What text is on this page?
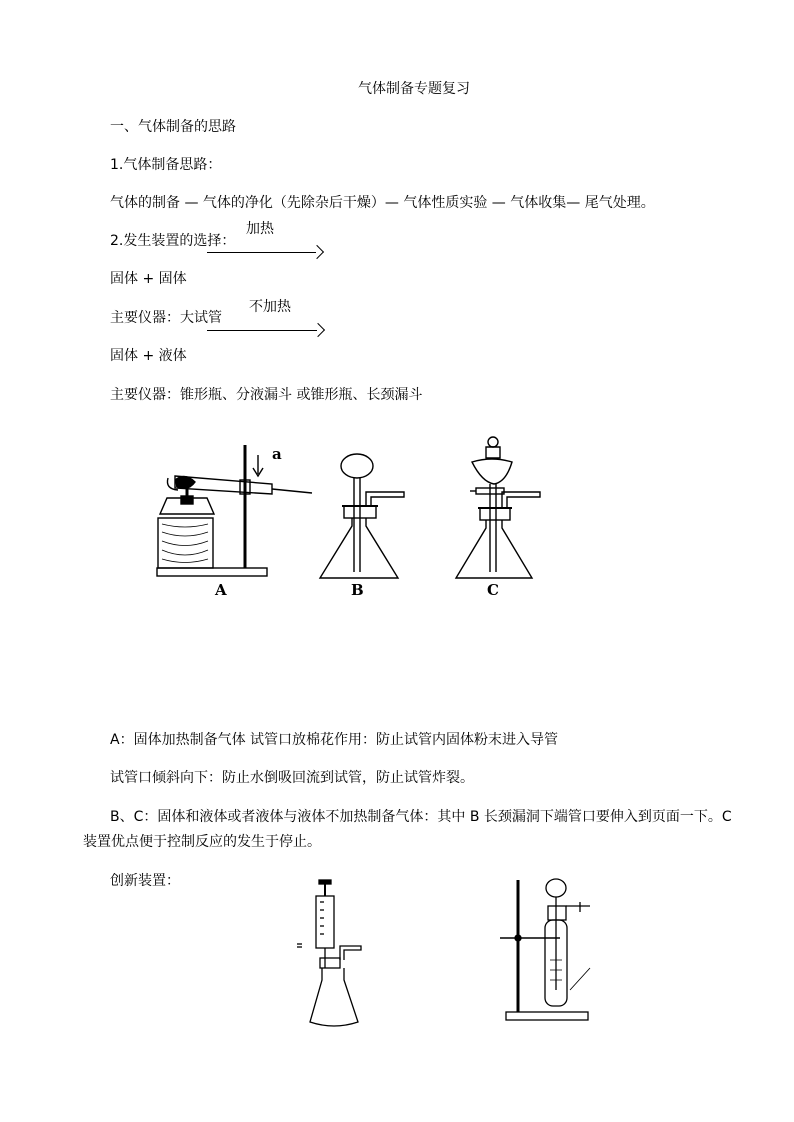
气体制备专题复习
一、气体制备的思路
1.气体制备思路：
气体的制备 — 气体的净化（先除杂后干燥）— 气体性质实验 — 气体收集— 尾气处理。
2.发生装置的选择：
加热
固体 + 固体
主要仪器：大试管
不加热
固体 + 液体
主要仪器：锥形瓶、分液漏斗 或锥形瓶、长颈漏斗
a
A	B	C
A：固体加热制备气体 试管口放棉花作用：防止试管内固体粉末进入导管
试管口倾斜向下：防止水倒吸回流到试管，防止试管炸裂。
B、C：固体和液体或者液体与液体不加热制备气体：其中 B 长颈漏洞下端管口要伸入到页面一下。C
装置优点便于控制反应的发生于停止。
创新装置：
